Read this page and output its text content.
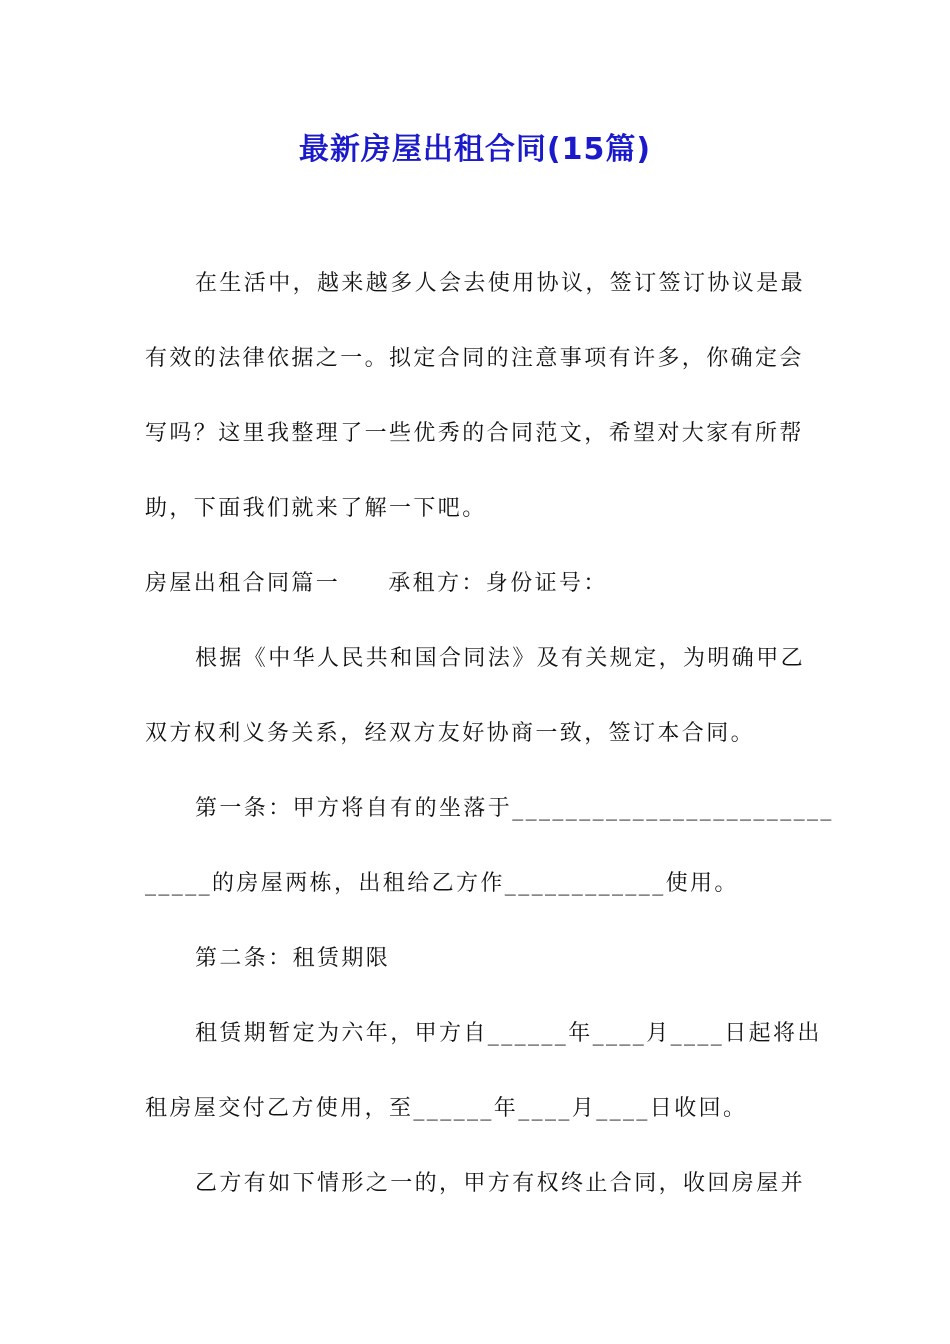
最新房屋出租合同(15篇)
在生活中，越来越多人会去使用协议，签订签订协议是最
有效的法律依据之一。拟定合同的注意事项有许多，你确定会
写吗？这里我整理了一些优秀的合同范文，希望对大家有所帮
助，下面我们就来了解一下吧。
房屋出租合同篇一 承租方：身份证号：
根据《中华人民共和国合同法》及有关规定，为明确甲乙
双方权利义务关系，经双方友好协商一致，签订本合同。
第一条：甲方将自有的坐落于________________________
_____的房屋两栋，出租给乙方作____________使用。
第二条：租赁期限
租赁期暂定为六年，甲方自______年____月____日起将出
租房屋交付乙方使用，至______年____月____日收回。
乙方有如下情形之一的，甲方有权终止合同，收回房屋并
